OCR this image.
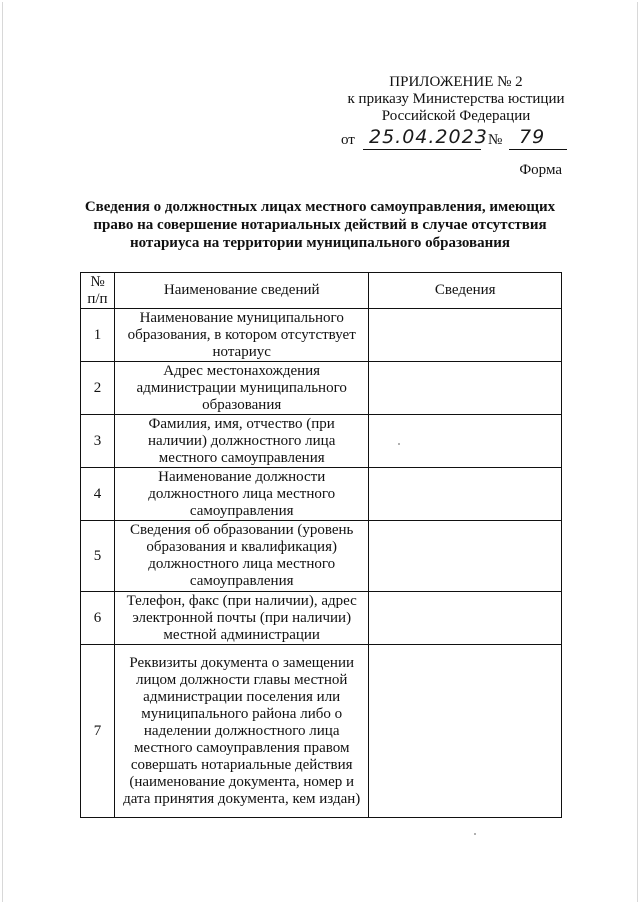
ПРИЛОЖЕНИЕ № 2
к приказу Министерства юстиции
Российской Федерации
от 25.04.2023 № 79
Форма
Сведения о должностных лицах местного самоуправления, имеющих право на совершение нотариальных действий в случае отсутствия нотариуса на территории муниципального образования
№ п/п	Наименование сведений	Сведения
1	Наименование муниципального образования, в котором отсутствует нотариус	
2	Адрес местонахождения администрации муниципального образования	
3	Фамилия, имя, отчество (при наличии) должностного лица местного самоуправления	
4	Наименование должности должностного лица местного самоуправления	
5	Сведения об образовании (уровень образования и квалификация) должностного лица местного самоуправления	
6	Телефон, факс (при наличии), адрес электронной почты (при наличии) местной администрации	
7	Реквизиты документа о замещении лицом должности главы местной администрации поселения или муниципального района либо о наделении должностного лица местного самоуправления правом совершать нотариальные действия (наименование документа, номер и дата принятия документа, кем издан)	
